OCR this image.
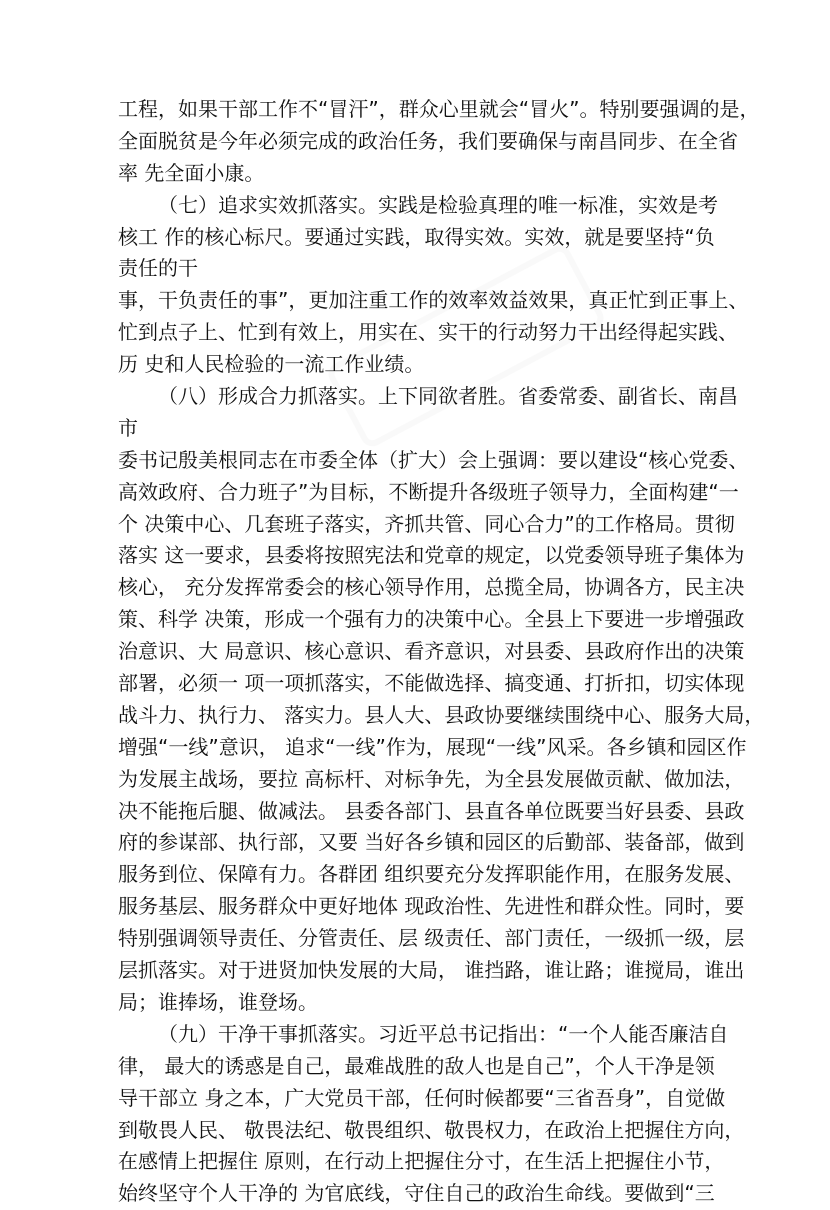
工程，如果干部工作不“冒汗”，群众心里就会“冒火”。特别要强调的是，
全面脱贫是今年必须完成的政治任务，我们要确保与南昌同步、在全省
率 先全面小康。
（七）追求实效抓落实。实践是检验真理的唯一标准，实效是考
核工 作的核心标尺。要通过实践，取得实效。实效，就是要坚持“负
责任的干
事，干负责任的事”，更加注重工作的效率效益效果，真正忙到正事上、
忙到点子上、忙到有效上，用实在、实干的行动努力干出经得起实践、
历 史和人民检验的一流工作业绩。
（八）形成合力抓落实。上下同欲者胜。省委常委、副省长、南昌
市
委书记殷美根同志在市委全体（扩大）会上强调：要以建设“核心党委、
高效政府、合力班子”为目标，不断提升各级班子领导力，全面构建“一
个 决策中心、几套班子落实，齐抓共管、同心合力”的工作格局。贯彻
落实 这一要求，县委将按照宪法和党章的规定，以党委领导班子集体为
核心， 充分发挥常委会的核心领导作用，总揽全局，协调各方，民主决
策、科学 决策，形成一个强有力的决策中心。全县上下要进一步增强政
治意识、大 局意识、核心意识、看齐意识，对县委、县政府作出的决策
部署，必须一 项一项抓落实，不能做选择、搞变通、打折扣，切实体现
战斗力、执行力、 落实力。县人大、县政协要继续围绕中心、服务大局，
增强“一线”意识， 追求“一线”作为，展现“一线”风采。各乡镇和园区作
为发展主战场，要拉 高标杆、对标争先，为全县发展做贡献、做加法，
决不能拖后腿、做减法。 县委各部门、县直各单位既要当好县委、县政
府的参谋部、执行部，又要 当好各乡镇和园区的后勤部、装备部，做到
服务到位、保障有力。各群团 组织要充分发挥职能作用，在服务发展、
服务基层、服务群众中更好地体 现政治性、先进性和群众性。同时，要
特别强调领导责任、分管责任、层 级责任、部门责任，一级抓一级，层
层抓落实。对于进贤加快发展的大局， 谁挡路，谁让路；谁搅局，谁出
局；谁捧场，谁登场。
（九）干净干事抓落实。习近平总书记指出：“一个人能否廉洁自
律， 最大的诱惑是自己，最难战胜的敌人也是自己”，个人干净是领
导干部立 身之本，广大党员干部，任何时候都要“三省吾身”，自觉做
到敬畏人民、 敬畏法纪、敬畏组织、敬畏权力，在政治上把握住方向，
在感情上把握住 原则，在行动上把握住分寸，在生活上把握住小节，
始终坚守个人干净的 为官底线，守住自己的政治生命线。要做到“三
